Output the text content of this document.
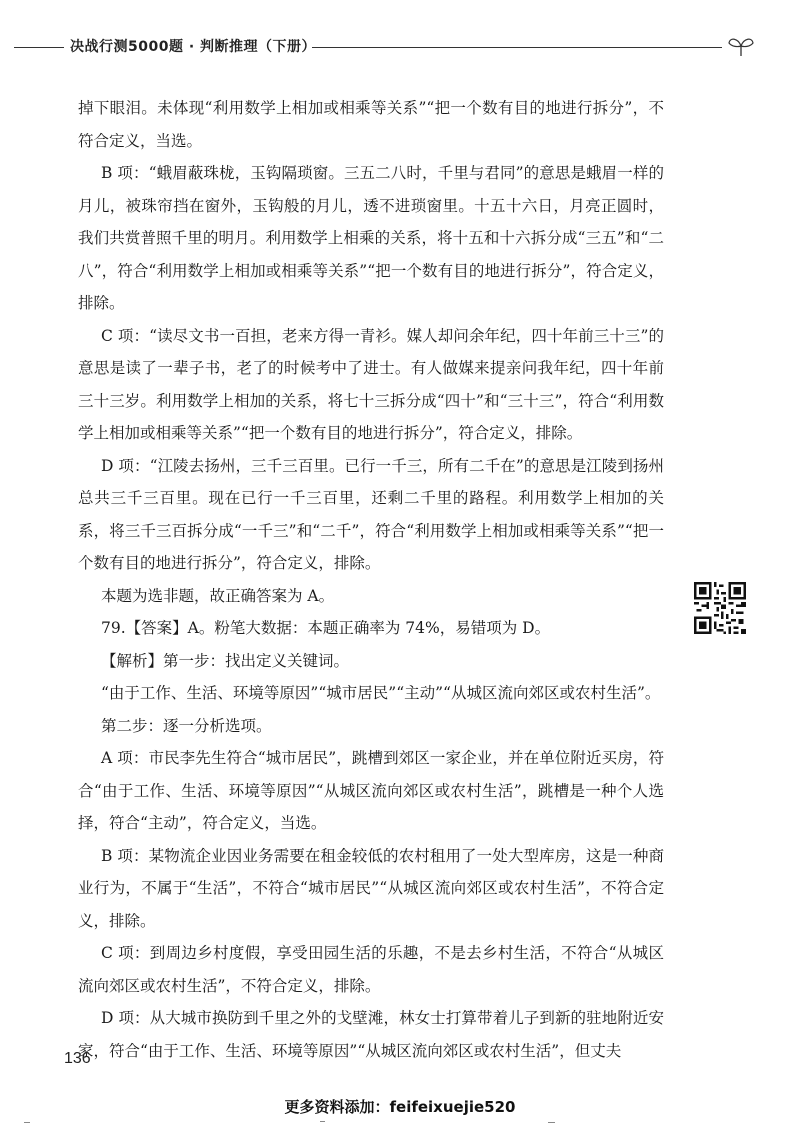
决战行测5000题 · 判断推理（下册）

掉下眼泪。未体现“利用数学上相加或相乘等关系”“把一个数有目的地进行拆分”，不符合定义，当选。

B 项：“蛾眉蔽珠栊，玉钩隔琐窗。三五二八时，千里与君同”的意思是蛾眉一样的月儿，被珠帘挡在窗外，玉钩般的月儿，透不进琐窗里。十五十六日，月亮正圆时，我们共赏普照千里的明月。利用数学上相乘的关系，将十五和十六拆分成“三五”和“二八”，符合“利用数学上相加或相乘等关系”“把一个数有目的地进行拆分”，符合定义，排除。

C 项：“读尽文书一百担，老来方得一青衫。媒人却问余年纪，四十年前三十三”的意思是读了一辈子书，老了的时候考中了进士。有人做媒来提亲问我年纪，四十年前三十三岁。利用数学上相加的关系，将七十三拆分成“四十”和“三十三”，符合“利用数学上相加或相乘等关系”“把一个数有目的地进行拆分”，符合定义，排除。

D 项：“江陵去扬州，三千三百里。已行一千三，所有二千在”的意思是江陵到扬州总共三千三百里。现在已行一千三百里，还剩二千里的路程。利用数学上相加的关系，将三千三百拆分成“一千三”和“二千”，符合“利用数学上相加或相乘等关系”“把一个数有目的地进行拆分”，符合定义，排除。

本题为选非题，故正确答案为 A。

79.【答案】A。粉笔大数据：本题正确率为 74%，易错项为 D。

【解析】第一步：找出定义关键词。

“由于工作、生活、环境等原因”“城市居民”“主动”“从城区流向郊区或农村生活”。

第二步：逐一分析选项。

A 项：市民李先生符合“城市居民”，跳槽到郊区一家企业，并在单位附近买房，符合“由于工作、生活、环境等原因”“从城区流向郊区或农村生活”，跳槽是一种个人选择，符合“主动”，符合定义，当选。

B 项：某物流企业因业务需要在租金较低的农村租用了一处大型库房，这是一种商业行为，不属于“生活”，不符合“城市居民”“从城区流向郊区或农村生活”，不符合定义，排除。

C 项：到周边乡村度假，享受田园生活的乐趣，不是去乡村生活，不符合“从城区流向郊区或农村生活”，不符合定义，排除。

D 项：从大城市换防到千里之外的戈壁滩，林女士打算带着儿子到新的驻地附近安家，符合“由于工作、生活、环境等原因”“从城区流向郊区或农村生活”，但丈夫

136
更多资料添加：feifeixuejie520
